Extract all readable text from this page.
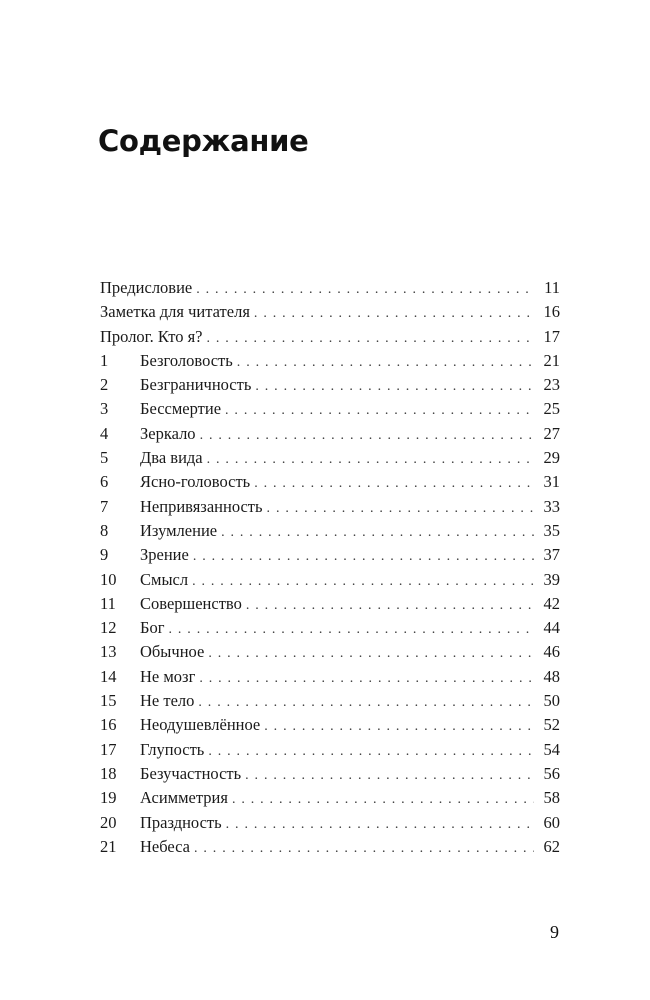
Содержание
Предисловие . . .	11
Заметка для читателя . . .	16
Пролог. Кто я? . . .	17
1	Безголовость . . .	21
2	Безграничность . . .	23
3	Бессмертие . . .	25
4	Зеркало . . .	27
5	Два вида . . .	29
6	Ясно-головость . . .	31
7	Непривязанность . . .	33
8	Изумление . . .	35
9	Зрение . . .	37
10	Смысл . . .	39
11	Совершенство . . .	42
12	Бог . . .	44
13	Обычное . . .	46
14	Не мозг . . .	48
15	Не тело . . .	50
16	Неодушевлённое . . .	52
17	Глупость . . .	54
18	Безучастность . . .	56
19	Асимметрия . . .	58
20	Праздность . . .	60
21	Небеса . . .	62
9
